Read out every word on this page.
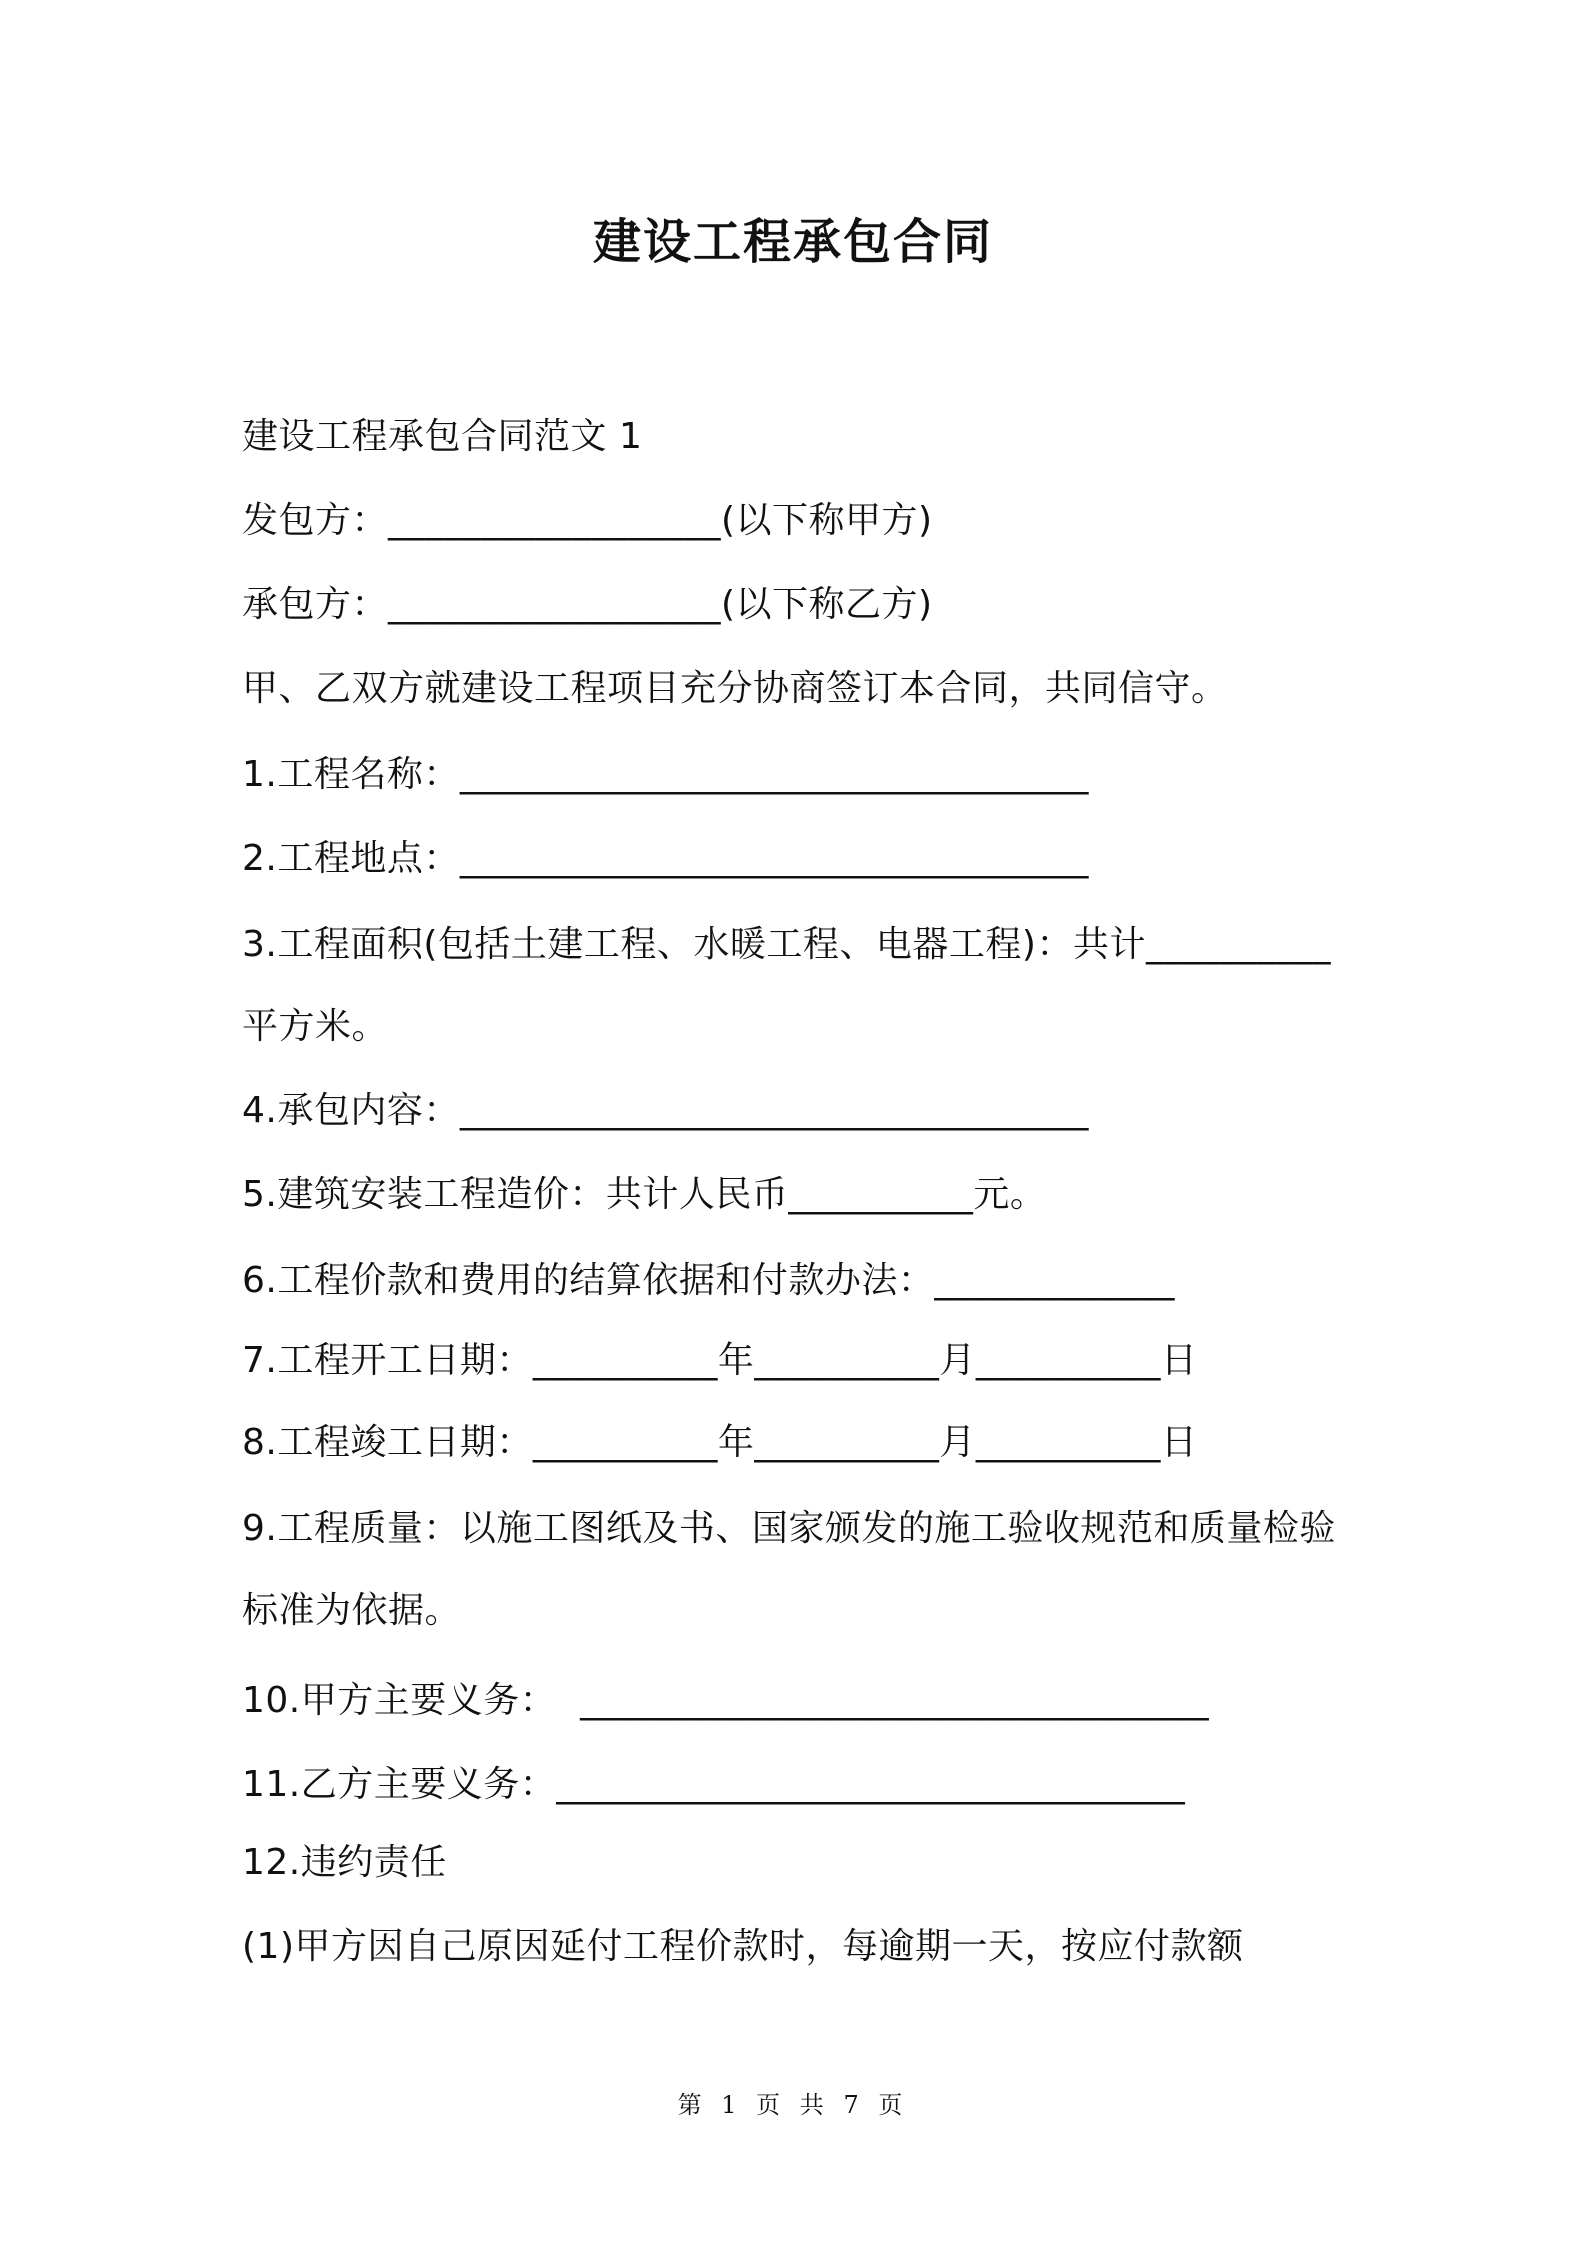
建设工程承包合同
建设工程承包合同范文 1
发包方：__________________(以下称甲方)
承包方：__________________(以下称乙方)
甲、乙双方就建设工程项目充分协商签订本合同，共同信守。
1.工程名称：__________________________________
2.工程地点：__________________________________
3.工程面积(包括土建工程、水暖工程、电器工程)：共计__________
平方米。
4.承包内容：__________________________________
5.建筑安装工程造价：共计人民币__________元。
6.工程价款和费用的结算依据和付款办法：_____________
7.工程开工日期：__________年__________月__________日
8.工程竣工日期：__________年__________月__________日
9.工程质量：以施工图纸及书、国家颁发的施工验收规范和质量检验
标准为依据。
10.甲方主要义务：  __________________________________
11.乙方主要义务：__________________________________
12.违约责任
(1)甲方因自己原因延付工程价款时，每逾期一天，按应付款额
第 1 页 共 7 页
